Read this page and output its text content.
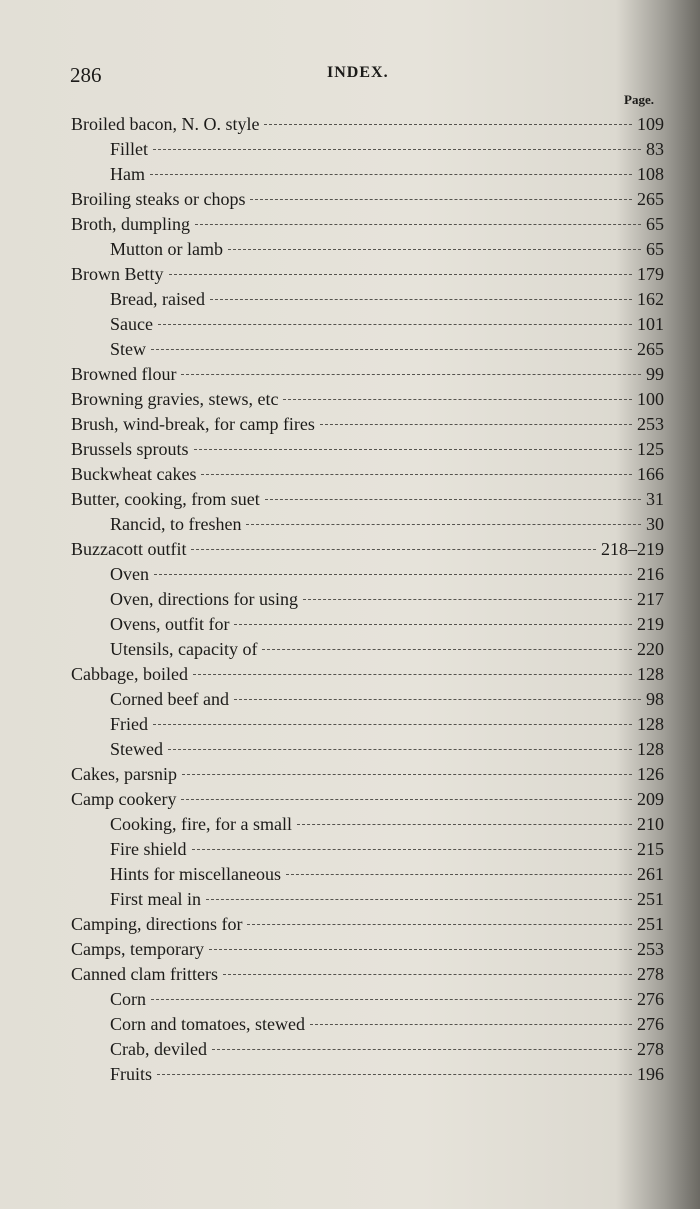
286	INDEX.
Page.
Broiled bacon, N. O. style	109
Fillet	83
Ham	108
Broiling steaks or chops	265
Broth, dumpling	65
Mutton or lamb	65
Brown Betty	179
Bread, raised	162
Sauce	101
Stew	265
Browned flour	99
Browning gravies, stews, etc	100
Brush, wind-break, for camp fires	253
Brussels sprouts	125
Buckwheat cakes	166
Butter, cooking, from suet	31
Rancid, to freshen	30
Buzzacott outfit	218–219
Oven	216
Oven, directions for using	217
Ovens, outfit for	219
Utensils, capacity of	220
Cabbage, boiled	128
Corned beef and	98
Fried	128
Stewed	128
Cakes, parsnip	126
Camp cookery	209
Cooking, fire, for a small	210
Fire shield	215
Hints for miscellaneous	261
First meal in	251
Camping, directions for	251
Camps, temporary	253
Canned clam fritters	278
Corn	276
Corn and tomatoes, stewed	276
Crab, deviled	278
Fruits	196
